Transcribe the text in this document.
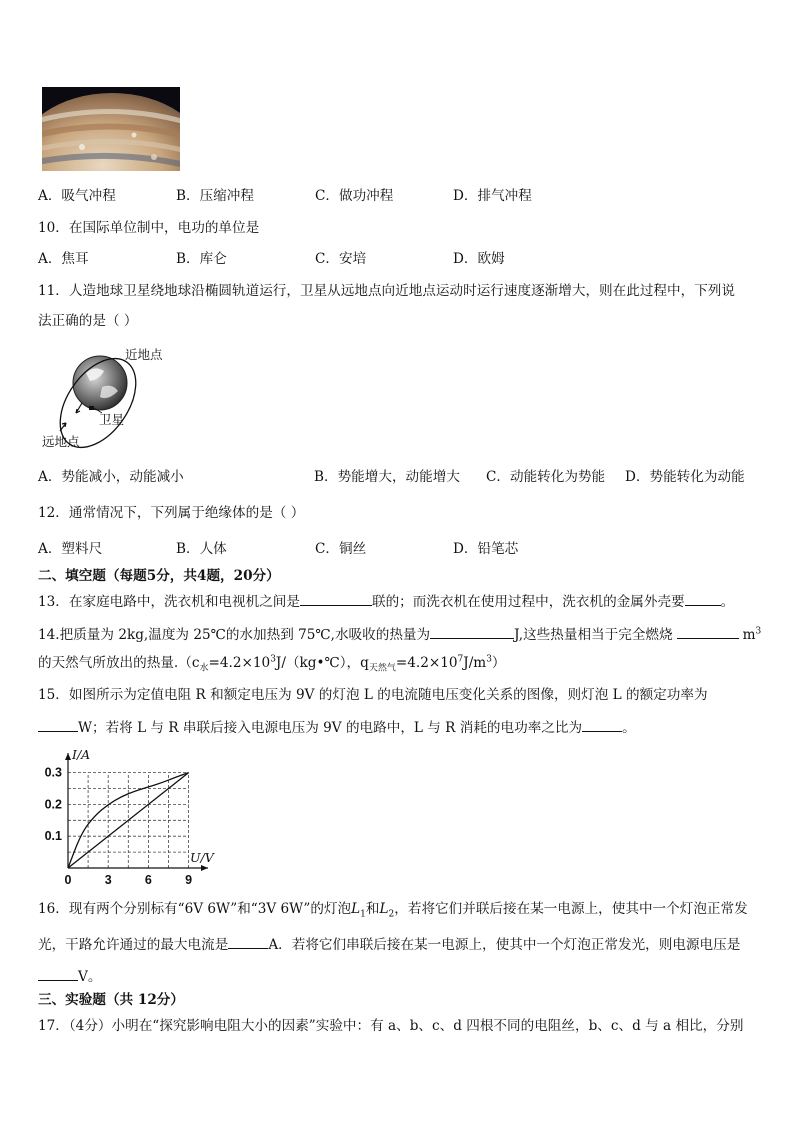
A．吸气冲程	B．压缩冲程	C．做功冲程	D．排气冲程
10．在国际单位制中，电功的单位是
A．焦耳	B．库仑	C．安培	D．欧姆
11．人造地球卫星绕地球沿椭圆轨道运行，卫星从远地点向近地点运动时运行速度逐渐增大，则在此过程中，下列说
法正确的是（ ）
近地点
卫星
远地点
A．势能减小，动能减小	B．势能增大，动能增大 C．动能转化为势能 D．势能转化为动能
12．通常情况下，下列属于绝缘体的是（ ）
A．塑料尺	B．人体	C．铜丝	D．铅笔芯
二、填空题（每题5分，共4题，20分）
13．在家庭电路中，洗衣机和电视机之间是	联的；而洗衣机在使用过程中，洗衣机的金属外壳要	。
14.把质量为 2kg,温度为 25℃的水加热到 75℃,水吸收的热量为	J,这些热量相当于完全燃烧	$m^3$
的天然气所放出的热量$.(c_水=4.2\times 10^3J/(kg•℃)$，$q_{天然气}=4.2\times 10^7J/m^3$）
15．如图所示为定值电阻 R 和额定电压为 9V 的灯泡 L 的电流随电压变化关系的图像，则灯泡 L 的额定功率为
W；若将 L 与 R 串联后接入电源电压为 9V 的电路中，L 与 R 消耗的电功率之比为	。
0	3	6	9
0.1
0.2
0.3
I/A
U/V
16．现有两个分别标有“6V 6W”和“3V 6W”的灯泡$L_1$和$L_2$，若将它们并联后接在某一电源上，使其中一个灯泡正常发
光，干路允许通过的最大电流是	A．若将它们串联后接在某一电源上，使其中一个灯泡正常发光，则电源电压是
V。
三、实验题（共 12分）
17．（4分）小明在“探究影响电阻大小的因素”实验中：有 a、b、c、d 四根不同的电阻丝，b、c、d 与 a 相比，分别
